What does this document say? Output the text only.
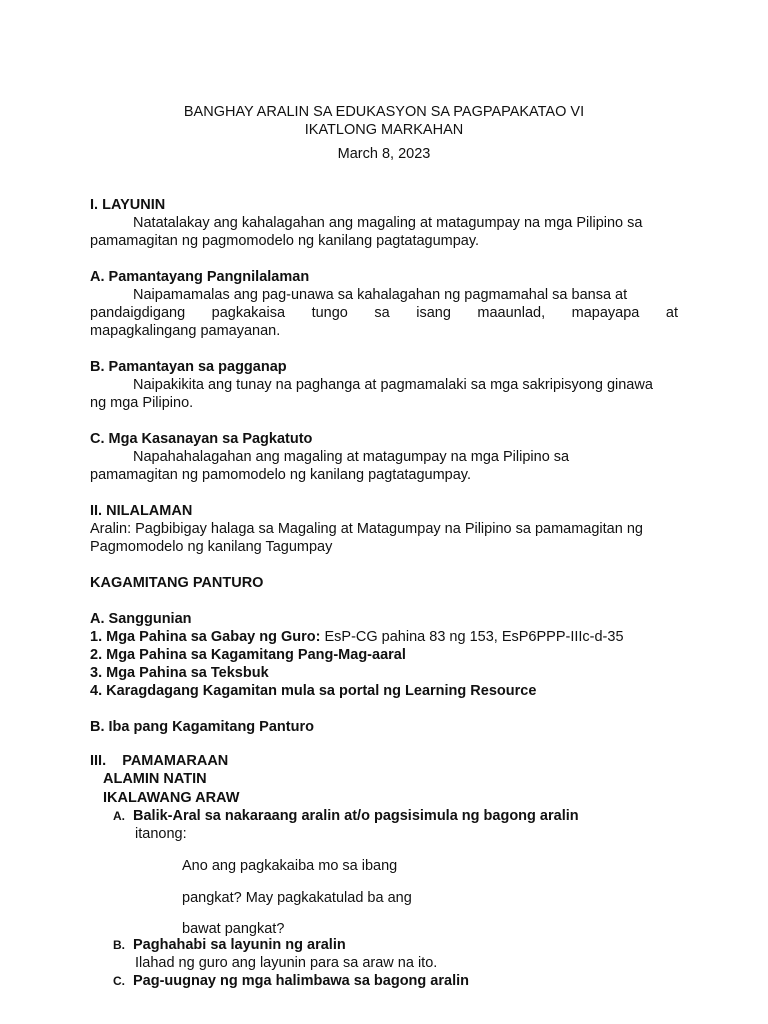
BANGHAY ARALIN SA EDUKASYON SA PAGPAPAKATAO VI
IKATLONG MARKAHAN
March 8, 2023
I. LAYUNIN
Natatalakay ang kahalagahan ang magaling at matagumpay na mga Pilipino sa
pamamagitan ng pagmomodelo ng kanilang pagtatagumpay.
A. Pamantayang Pangnilalaman
Naipamamalas ang pag-unawa sa kahalagahan ng pagmamahal sa bansa at
pandaigdigang pagkakaisa tungo sa isang maaunlad, mapayapa at
mapagkalingang pamayanan.
B. Pamantayan sa pagganap
Naipakikita ang tunay na paghanga at pagmamalaki sa mga sakripisyong ginawa
ng mga Pilipino.
C. Mga Kasanayan sa Pagkatuto
Napahahalagahan ang magaling at matagumpay na mga Pilipino sa
pamamagitan ng pamomodelo ng kanilang pagtatagumpay.
II. NILALAMAN
Aralin: Pagbibigay halaga sa Magaling at Matagumpay na Pilipino sa pamamagitan ng
Pagmomodelo ng kanilang Tagumpay
KAGAMITANG PANTURO
A. Sanggunian
1. Mga Pahina sa Gabay ng Guro: EsP-CG pahina 83 ng 153, EsP6PPP-IIIc-d-35
2. Mga Pahina sa Kagamitang Pang-Mag-aaral
3. Mga Pahina sa Teksbuk
4. Karagdagang Kagamitan mula sa portal ng Learning Resource
B. Iba pang Kagamitang Panturo
III.    PAMAMARAAN
ALAMIN NATIN
IKALAWANG ARAW
A. Balik-Aral sa nakaraang aralin at/o pagsisimula ng bagong aralin
itanong:
Ano ang pagkakaiba mo sa ibang
pangkat? May pagkakatulad ba ang
bawat pangkat?
B. Paghahabi sa layunin ng aralin
Ilahad ng guro ang layunin para sa araw na ito.
C. Pag-uugnay ng mga halimbawa sa bagong aralin
